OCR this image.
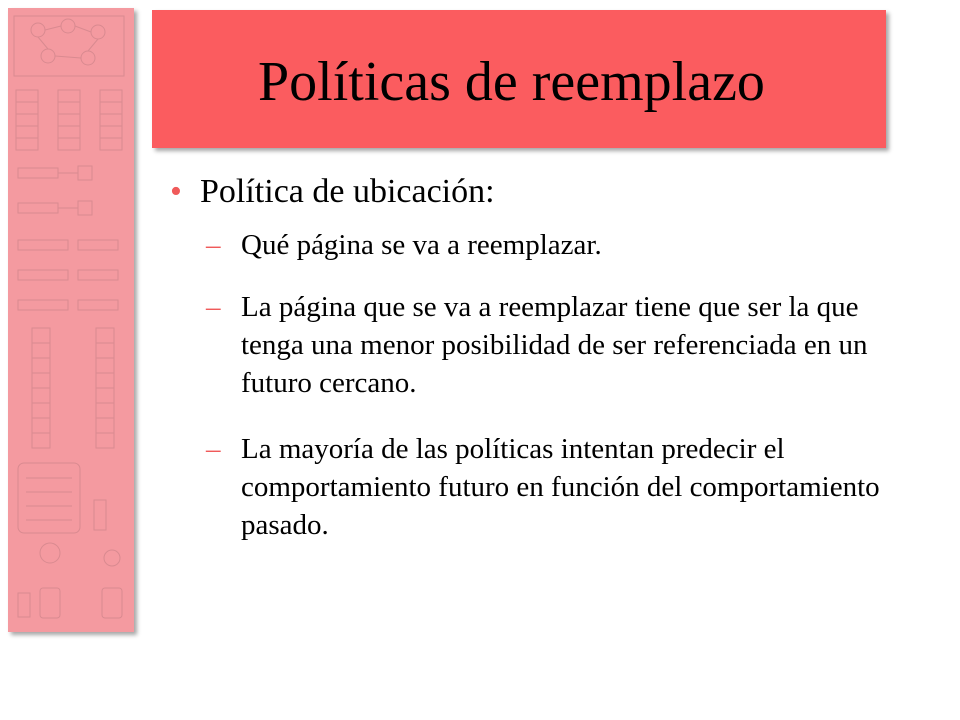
Políticas de reemplazo
• Política de ubicación:
– Qué página se va a reemplazar.
– La página que se va a reemplazar tiene que ser la que tenga una menor posibilidad de ser referenciada en un futuro cercano.
– La mayoría de las políticas intentan predecir el comportamiento futuro en función del comportamiento pasado.
